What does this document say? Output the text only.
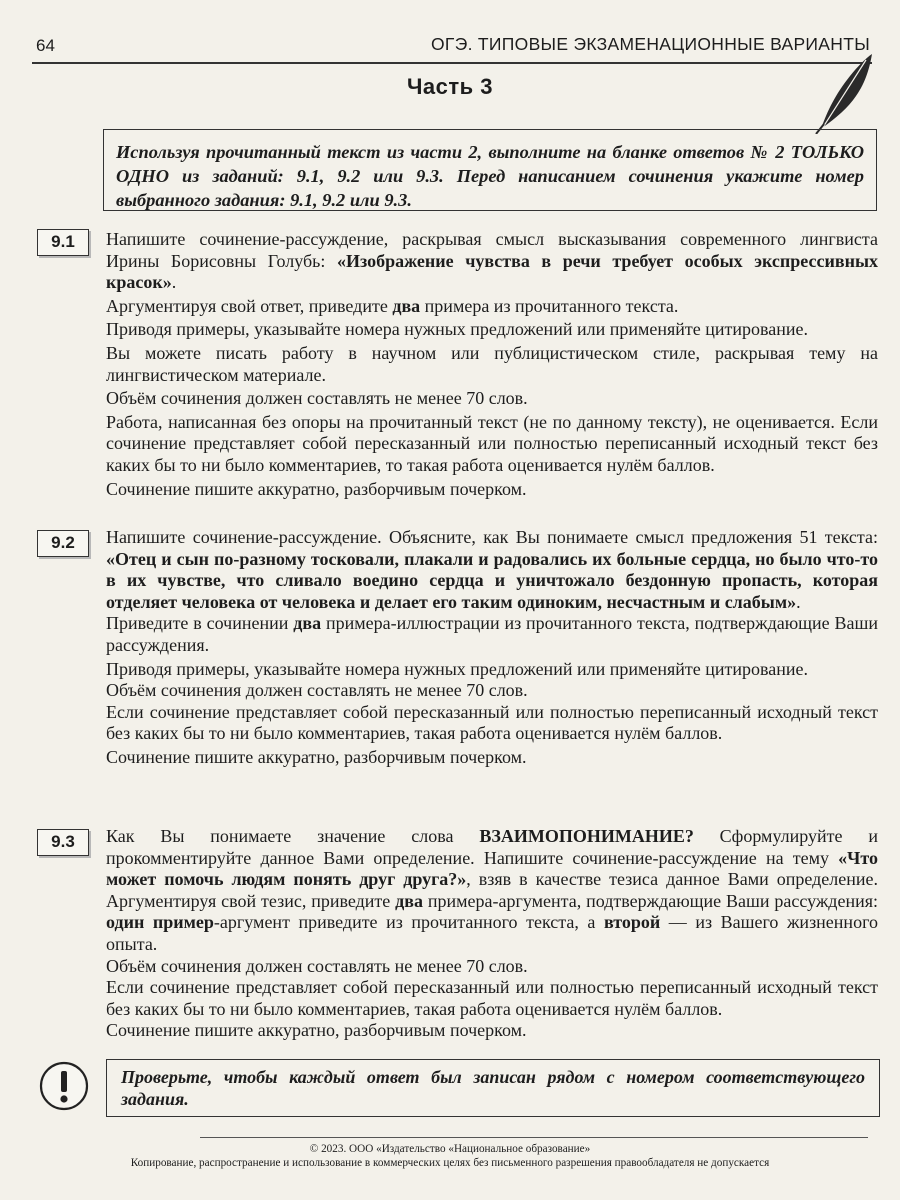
64	ОГЭ. ТИПОВЫЕ ЭКЗАМЕНАЦИОННЫЕ ВАРИАНТЫ
Часть 3
Используя прочитанный текст из части 2, выполните на бланке ответов № 2 ТОЛЬКО ОДНО из заданий: 9.1, 9.2 или 9.3. Перед написанием сочинения укажите номер выбранного задания: 9.1, 9.2 или 9.3.
9.1	Напишите сочинение-рассуждение, раскрывая смысл высказывания современного лингвиста Ирины Борисовны Голубь: «Изображение чувства в речи требует особых экспрессивных красок».

Аргументируя свой ответ, приведите два примера из прочитанного текста.

Приводя примеры, указывайте номера нужных предложений или применяйте цитирование.

Вы можете писать работу в научном или публицистическом стиле, раскрывая тему на лингвистическом материале.

Объём сочинения должен составлять не менее 70 слов.

Работа, написанная без опоры на прочитанный текст (не по данному тексту), не оценивается. Если сочинение представляет собой пересказанный или полностью переписанный исходный текст без каких бы то ни было комментариев, то такая работа оценивается нулём баллов.

Сочинение пишите аккуратно, разборчивым почерком.

9.2	Напишите сочинение-рассуждение. Объясните, как Вы понимаете смысл предложения 51 текста: «Отец и сын по-разному тосковали, плакали и радовались их больные сердца, но было что-то в их чувстве, что сливало воедино сердца и уничтожало бездонную пропасть, которая отделяет человека от человека и делает его таким одиноким, несчастным и слабым».

Приведите в сочинении два примера-иллюстрации из прочитанного текста, подтверждающие Ваши рассуждения.

Приводя примеры, указывайте номера нужных предложений или применяйте цитирование.

Объём сочинения должен составлять не менее 70 слов.

Если сочинение представляет собой пересказанный или полностью переписанный исходный текст без каких бы то ни было комментариев, такая работа оценивается нулём баллов.

Сочинение пишите аккуратно, разборчивым почерком.

9.3	Как Вы понимаете значение слова ВЗАИМОПОНИМАНИЕ? Сформулируйте и прокомментируйте данное Вами определение. Напишите сочинение-рассуждение на тему «Что может помочь людям понять друг друга?», взяв в качестве тезиса данное Вами определение. Аргументируя свой тезис, приведите два примера-аргумента, подтверждающие Ваши рассуждения: один пример-аргумент приведите из прочитанного текста, а второй — из Вашего жизненного опыта.

Объём сочинения должен составлять не менее 70 слов.

Если сочинение представляет собой пересказанный или полностью переписанный исходный текст без каких бы то ни было комментариев, такая работа оценивается нулём баллов.

Сочинение пишите аккуратно, разборчивым почерком.

Проверьте, чтобы каждый ответ был записан рядом с номером соответствующего задания.
© 2023. ООО «Издательство «Национальное образование»
Копирование, распространение и использование в коммерческих целях без письменного разрешения правообладателя не допускается
